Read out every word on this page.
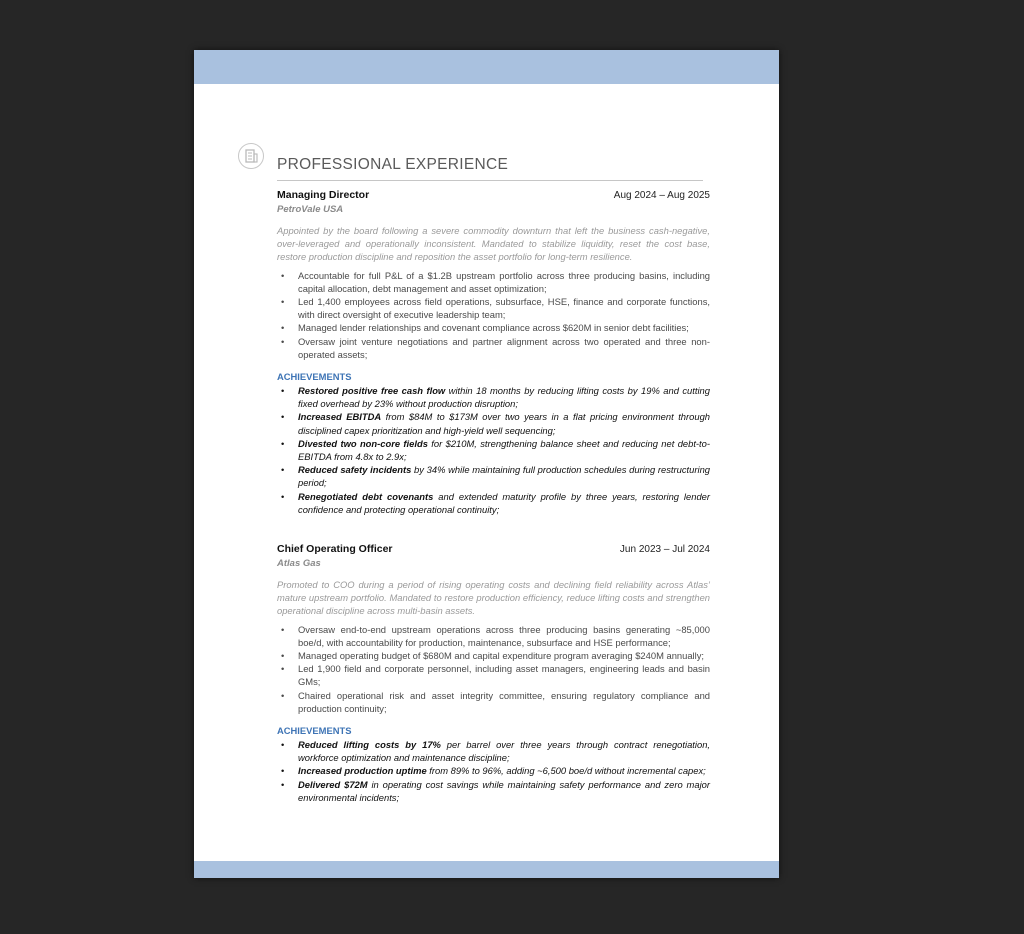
PROFESSIONAL EXPERIENCE
Managing Director	Aug 2024 – Aug 2025
PetroVale USA

Appointed by the board following a severe commodity downturn that left the business cash-negative, over-leveraged and operationally inconsistent. Mandated to stabilize liquidity, reset the cost base, restore production discipline and reposition the asset portfolio for long-term resilience.

• Accountable for full P&L of a $1.2B upstream portfolio across three producing basins, including capital allocation, debt management and asset optimization;
• Led 1,400 employees across field operations, subsurface, HSE, finance and corporate functions, with direct oversight of executive leadership team;
• Managed lender relationships and covenant compliance across $620M in senior debt facilities;
• Oversaw joint venture negotiations and partner alignment across two operated and three non-operated assets;
ACHIEVEMENTS
• Restored positive free cash flow within 18 months by reducing lifting costs by 19% and cutting fixed overhead by 23% without production disruption;
• Increased EBITDA from $84M to $173M over two years in a flat pricing environment through disciplined capex prioritization and high-yield well sequencing;
• Divested two non-core fields for $210M, strengthening balance sheet and reducing net debt-to-EBITDA from 4.8x to 2.9x;
• Reduced safety incidents by 34% while maintaining full production schedules during restructuring period;
• Renegotiated debt covenants and extended maturity profile by three years, restoring lender confidence and protecting operational continuity;
Chief Operating Officer	Jun 2023 – Jul 2024
Atlas Gas

Promoted to COO during a period of rising operating costs and declining field reliability across Atlas’ mature upstream portfolio. Mandated to restore production efficiency, reduce lifting costs and strengthen operational discipline across multi-basin assets.

• Oversaw end-to-end upstream operations across three producing basins generating ~85,000 boe/d, with accountability for production, maintenance, subsurface and HSE performance;
• Managed operating budget of $680M and capital expenditure program averaging $240M annually;
• Led 1,900 field and corporate personnel, including asset managers, engineering leads and basin GMs;
• Chaired operational risk and asset integrity committee, ensuring regulatory compliance and production continuity;
ACHIEVEMENTS
• Reduced lifting costs by 17% per barrel over three years through contract renegotiation, workforce optimization and maintenance discipline;
• Increased production uptime from 89% to 96%, adding ~6,500 boe/d without incremental capex;
• Delivered $72M in operating cost savings while maintaining safety performance and zero major environmental incidents;
